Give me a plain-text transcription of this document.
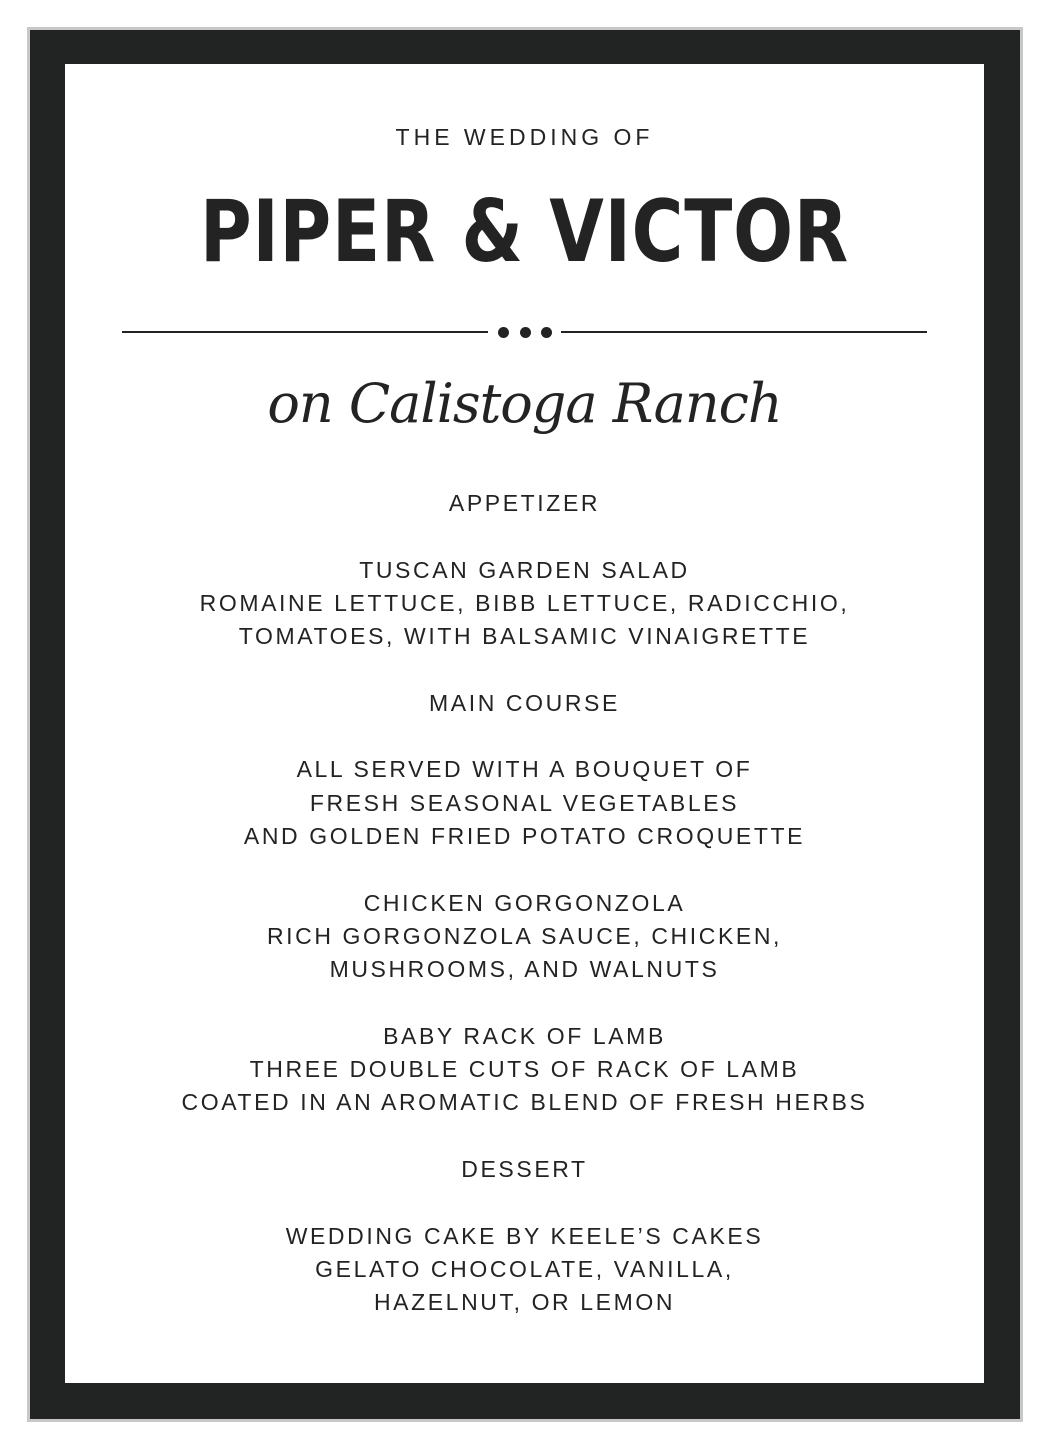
THE WEDDING OF
PIPER & VICTOR
on Calistoga Ranch
APPETIZER
TUSCAN GARDEN SALAD
ROMAINE LETTUCE, BIBB LETTUCE, RADICCHIO,
TOMATOES, WITH BALSAMIC VINAIGRETTE
MAIN COURSE
ALL SERVED WITH A BOUQUET OF
FRESH SEASONAL VEGETABLES
AND GOLDEN FRIED POTATO CROQUETTE
CHICKEN GORGONZOLA
RICH GORGONZOLA SAUCE, CHICKEN,
MUSHROOMS, AND WALNUTS
BABY RACK OF LAMB
THREE DOUBLE CUTS OF RACK OF LAMB
COATED IN AN AROMATIC BLEND OF FRESH HERBS
DESSERT
WEDDING CAKE BY KEELE’S CAKES
GELATO CHOCOLATE, VANILLA,
HAZELNUT, OR LEMON
